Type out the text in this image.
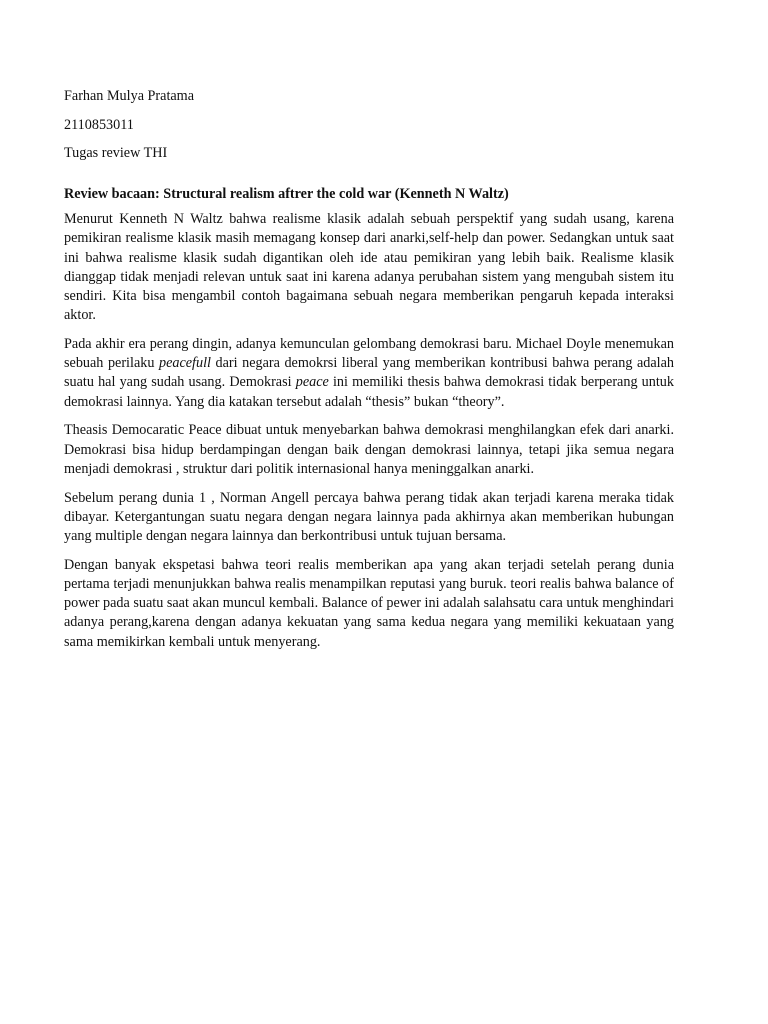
Farhan Mulya Pratama

2110853011

Tugas review THI

Review bacaan: Structural realism aftrer the cold war (Kenneth N Waltz)

Menurut Kenneth N Waltz bahwa realisme klasik adalah sebuah perspektif yang sudah usang, karena pemikiran realisme klasik masih memagang konsep dari anarki,self-help dan power. Sedangkan untuk saat ini bahwa realisme klasik sudah digantikan oleh ide atau pemikiran yang lebih baik. Realisme klasik dianggap tidak menjadi relevan untuk saat ini karena adanya perubahan sistem yang mengubah sistem itu sendiri. Kita bisa mengambil contoh bagaimana sebuah negara memberikan pengaruh kepada interaksi aktor.

Pada akhir era perang dingin, adanya kemunculan gelombang demokrasi baru. Michael Doyle menemukan sebuah perilaku peacefull dari negara demokrsi liberal yang memberikan kontribusi bahwa perang adalah suatu hal yang sudah usang. Demokrasi peace ini memiliki thesis bahwa demokrasi tidak berperang untuk demokrasi lainnya. Yang dia katakan tersebut adalah “thesis” bukan “theory”.

Theasis Democaratic Peace dibuat untuk menyebarkan bahwa demokrasi menghilangkan efek dari anarki. Demokrasi bisa hidup berdampingan dengan baik dengan demokrasi lainnya, tetapi jika semua negara menjadi demokrasi , struktur dari politik internasional hanya meninggalkan anarki.

Sebelum perang dunia 1 , Norman Angell percaya bahwa perang tidak akan terjadi karena meraka tidak dibayar. Ketergantungan suatu negara dengan negara lainnya pada akhirnya akan memberikan hubungan yang multiple dengan negara lainnya dan berkontribusi untuk tujuan bersama.

Dengan banyak ekspetasi bahwa teori realis memberikan apa yang akan terjadi setelah perang dunia pertama terjadi menunjukkan bahwa realis menampilkan reputasi yang buruk. teori realis bahwa balance of power pada suatu saat akan muncul kembali. Balance of pewer ini adalah salahsatu cara untuk menghindari adanya perang,karena dengan adanya kekuatan yang sama kedua negara yang memiliki kekuataan yang sama memikirkan kembali untuk menyerang.
